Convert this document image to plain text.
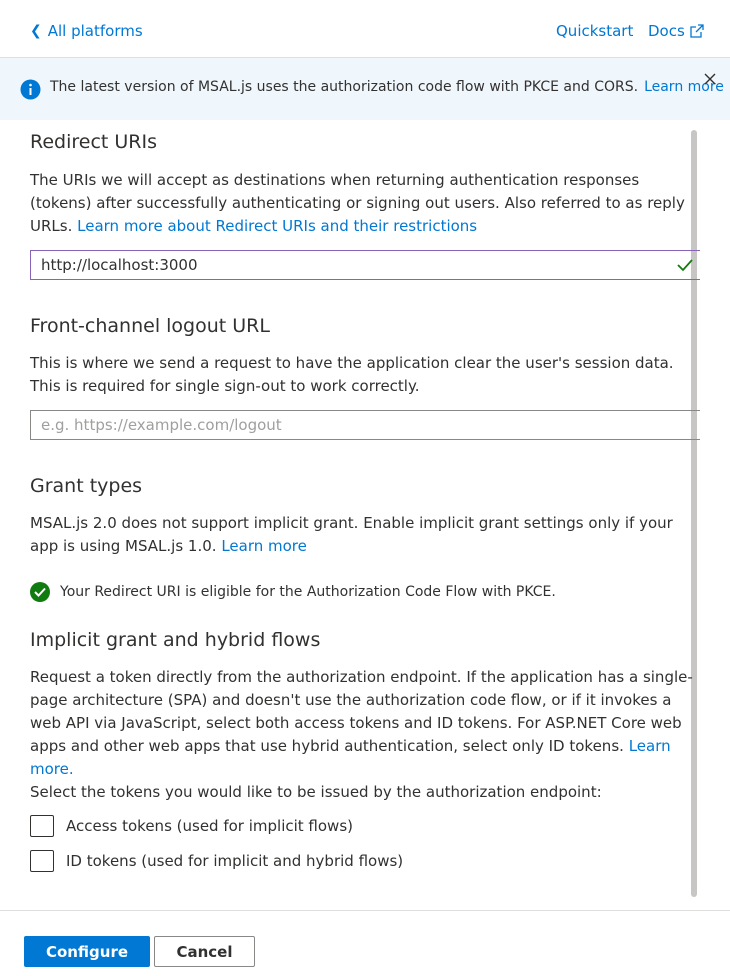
❮ All platforms	Quickstart Docs
The latest version of MSAL.js uses the authorization code flow with PKCE and CORS. Learn more
Redirect URIs
The URIs we will accept as destinations when returning authentication responses (tokens) after successfully authenticating or signing out users. Also referred to as reply URLs. Learn more about Redirect URIs and their restrictions
http://localhost:3000
Front-channel logout URL
This is where we send a request to have the application clear the user's session data. This is required for single sign-out to work correctly.
e.g. https://example.com/logout
Grant types
MSAL.js 2.0 does not support implicit grant. Enable implicit grant settings only if your app is using MSAL.js 1.0. Learn more
Your Redirect URI is eligible for the Authorization Code Flow with PKCE.
Implicit grant and hybrid flows
Request a token directly from the authorization endpoint. If the application has a single-page architecture (SPA) and doesn't use the authorization code flow, or if it invokes a web API via JavaScript, select both access tokens and ID tokens. For ASP.NET Core web apps and other web apps that use hybrid authentication, select only ID tokens. Learn more.
Select the tokens you would like to be issued by the authorization endpoint:
Access tokens (used for implicit flows)
ID tokens (used for implicit and hybrid flows)
Configure	Cancel
